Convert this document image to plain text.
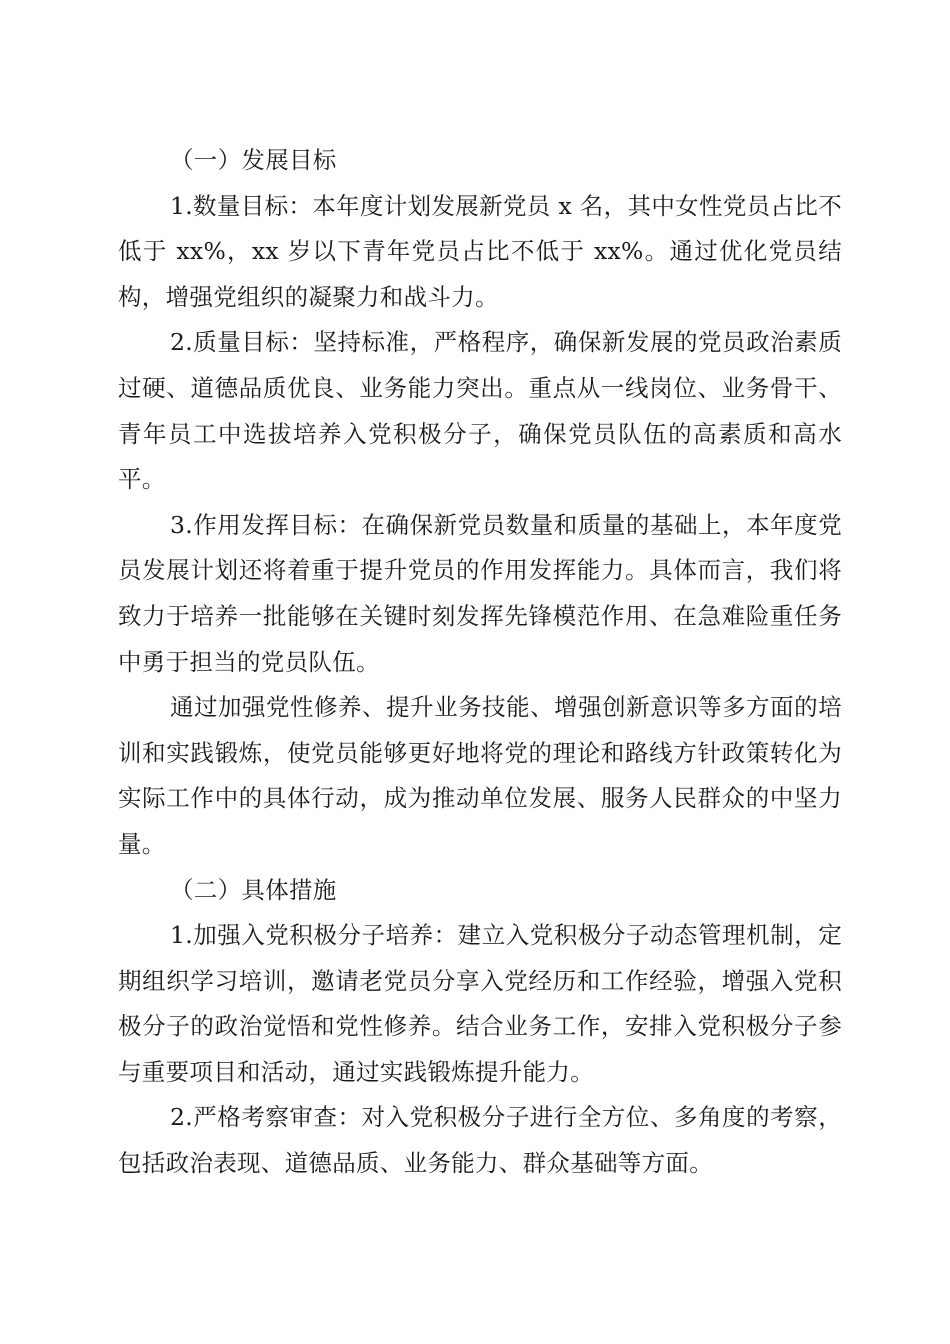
（一）发展目标

1.数量目标：本年度计划发展新党员 x 名，其中女性党员占比不低于 xx%，xx 岁以下青年党员占比不低于 xx%。通过优化党员结构，增强党组织的凝聚力和战斗力。

2.质量目标：坚持标准，严格程序，确保新发展的党员政治素质过硬、道德品质优良、业务能力突出。重点从一线岗位、业务骨干、青年员工中选拔培养入党积极分子，确保党员队伍的高素质和高水平。

3.作用发挥目标：在确保新党员数量和质量的基础上，本年度党员发展计划还将着重于提升党员的作用发挥能力。具体而言，我们将致力于培养一批能够在关键时刻发挥先锋模范作用、在急难险重任务中勇于担当的党员队伍。

通过加强党性修养、提升业务技能、增强创新意识等多方面的培训和实践锻炼，使党员能够更好地将党的理论和路线方针政策转化为实际工作中的具体行动，成为推动单位发展、服务人民群众的中坚力量。

（二）具体措施

1.加强入党积极分子培养：建立入党积极分子动态管理机制，定期组织学习培训，邀请老党员分享入党经历和工作经验，增强入党积极分子的政治觉悟和党性修养。结合业务工作，安排入党积极分子参与重要项目和活动，通过实践锻炼提升能力。

2.严格考察审查：对入党积极分子进行全方位、多角度的考察，包括政治表现、道德品质、业务能力、群众基础等方面。
